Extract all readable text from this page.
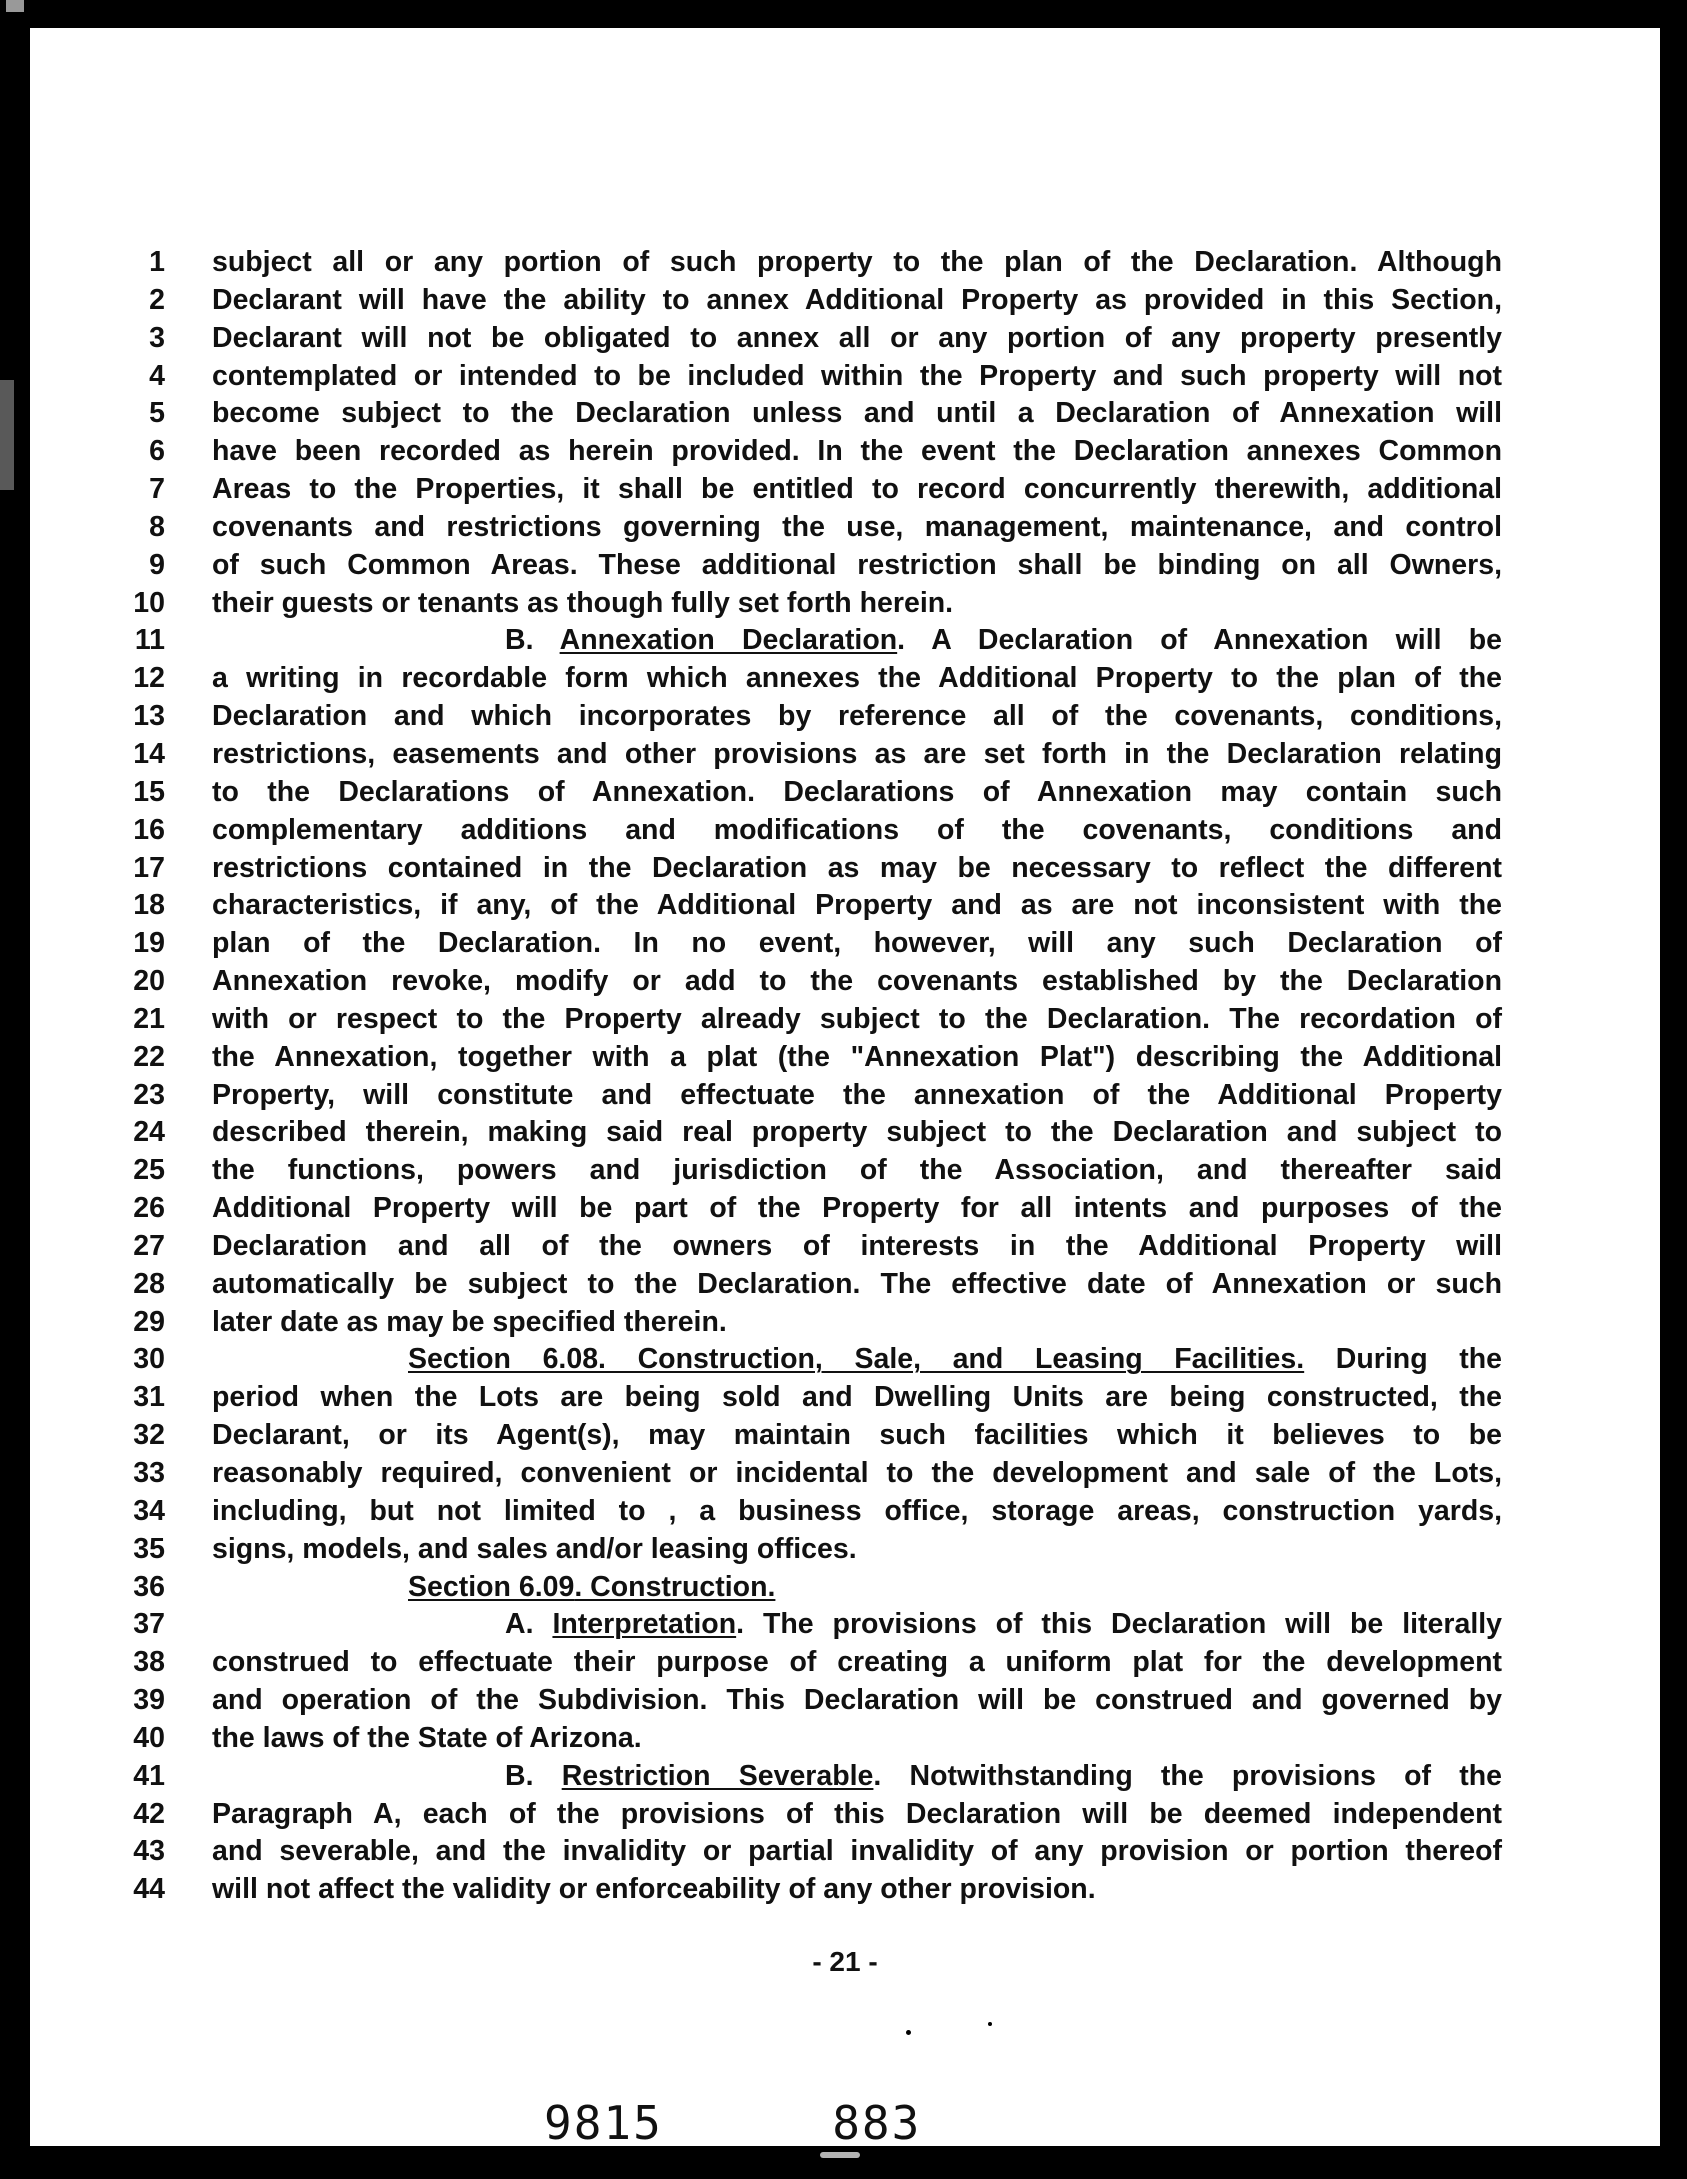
1 subject all or any portion of such property to the plan of the Declaration. Although
2 Declarant will have the ability to annex Additional Property as provided in this Section,
3 Declarant will not be obligated to annex all or any portion of any property presently
4 contemplated or intended to be included within the Property and such property will not
5 become subject to the Declaration unless and until a Declaration of Annexation will
6 have been recorded as herein provided. In the event the Declaration annexes Common
7 Areas to the Properties, it shall be entitled to record concurrently therewith, additional
8 covenants and restrictions governing the use, management, maintenance, and control
9 of such Common Areas. These additional restriction shall be binding on all Owners,
10 their guests or tenants as though fully set forth herein.
11	B. Annexation Declaration. A Declaration of Annexation will be
12 a writing in recordable form which annexes the Additional Property to the plan of the
13 Declaration and which incorporates by reference all of the covenants, conditions,
14 restrictions, easements and other provisions as are set forth in the Declaration relating
15 to the Declarations of Annexation. Declarations of Annexation may contain such
16 complementary additions and modifications of the covenants, conditions and
17 restrictions contained in the Declaration as may be necessary to reflect the different
18 characteristics, if any, of the Additional Property and as are not inconsistent with the
19 plan of the Declaration. In no event, however, will any such Declaration of
20 Annexation revoke, modify or add to the covenants established by the Declaration
21 with or respect to the Property already subject to the Declaration. The recordation of
22 the Annexation, together with a plat (the "Annexation Plat") describing the Additional
23 Property, will constitute and effectuate the annexation of the Additional Property
24 described therein, making said real property subject to the Declaration and subject to
25 the functions, powers and jurisdiction of the Association, and thereafter said
26 Additional Property will be part of the Property for all intents and purposes of the
27 Declaration and all of the owners of interests in the Additional Property will
28 automatically be subject to the Declaration. The effective date of Annexation or such
29 later date as may be specified therein.
30	Section 6.08. Construction, Sale, and Leasing Facilities. During the
31 period when the Lots are being sold and Dwelling Units are being constructed, the
32 Declarant, or its Agent(s), may maintain such facilities which it believes to be
33 reasonably required, convenient or incidental to the development and sale of the Lots,
34 including, but not limited to , a business office, storage areas, construction yards,
35 signs, models, and sales and/or leasing offices.
36	Section 6.09. Construction.
37	A. Interpretation. The provisions of this Declaration will be literally
38 construed to effectuate their purpose of creating a uniform plat for the development
39 and operation of the Subdivision. This Declaration will be construed and governed by
40 the laws of the State of Arizona.
41	B. Restriction Severable. Notwithstanding the provisions of the
42 Paragraph A, each of the provisions of this Declaration will be deemed independent
43 and severable, and the invalidity or partial invalidity of any provision or portion thereof
44 will not affect the validity or enforceability of any other provision.
- 21 -
9815	883
